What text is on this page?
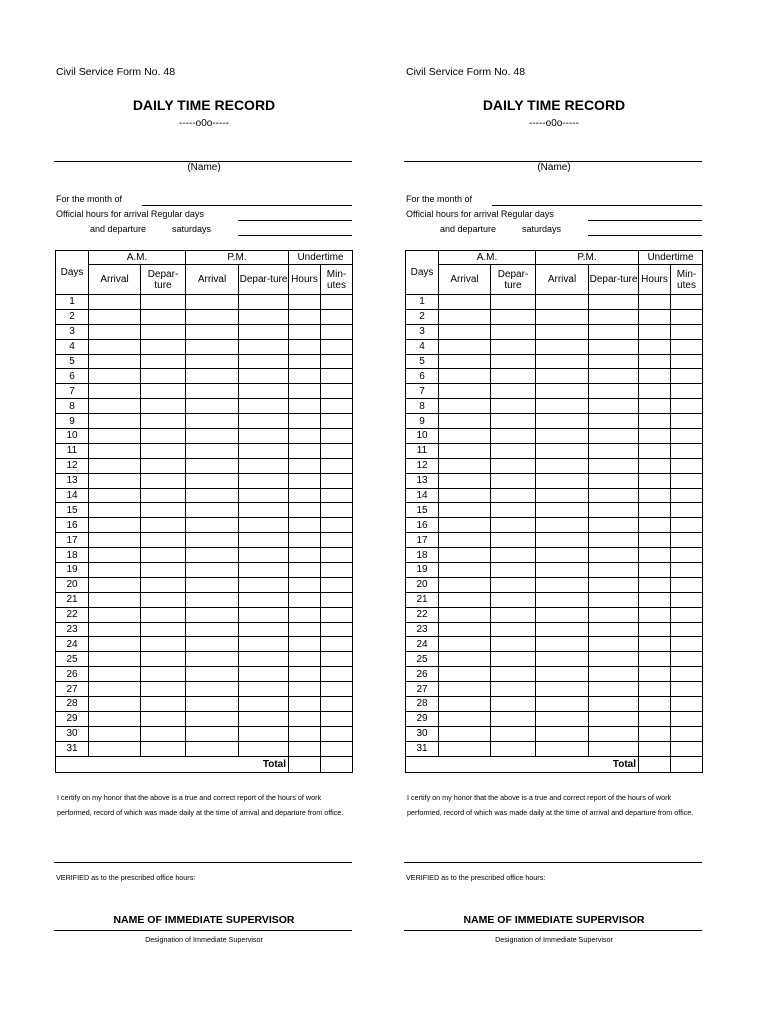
Civil Service Form No. 48
DAILY TIME RECORD
-----o0o-----
(Name)
For the month of
Official hours for arrival Regular days
and departure	saturdays
Days	A.M.		P.M.		Undertime	
	Arrival	Depar-ture	Arrival	Depar-ture	Hours	Min-utes
1						
2						
3						
4						
5						
6						
7						
8						
9						
10						
11						
12						
13						
14						
15						
16						
17						
18						
19						
20						
21						
22						
23						
24						
25						
26						
27						
28						
29						
30						
31						
Total						
I certify on my honor that the above is a true and correct report of the hours of work performed, record of which was made daily at the time of arrival and departure from office.
VERIFIED as to the prescribed office hours:
NAME OF IMMEDIATE SUPERVISOR
Designation of Immediate Supervisor
Civil Service Form No. 48
DAILY TIME RECORD
-----o0o-----
(Name)
For the month of
Official hours for arrival Regular days
and departure	saturdays
Days	A.M.		P.M.		Undertime	
	Arrival	Depar-ture	Arrival	Depar-ture	Hours	Min-utes
1						
2						
3						
4						
5						
6						
7						
8						
9						
10						
11						
12						
13						
14						
15						
16						
17						
18						
19						
20						
21						
22						
23						
24						
25						
26						
27						
28						
29						
30						
31						
Total						
I certify on my honor that the above is a true and correct report of the hours of work performed, record of which was made daily at the time of arrival and departure from office.
VERIFIED as to the prescribed office hours:
NAME OF IMMEDIATE SUPERVISOR
Designation of Immediate Supervisor
